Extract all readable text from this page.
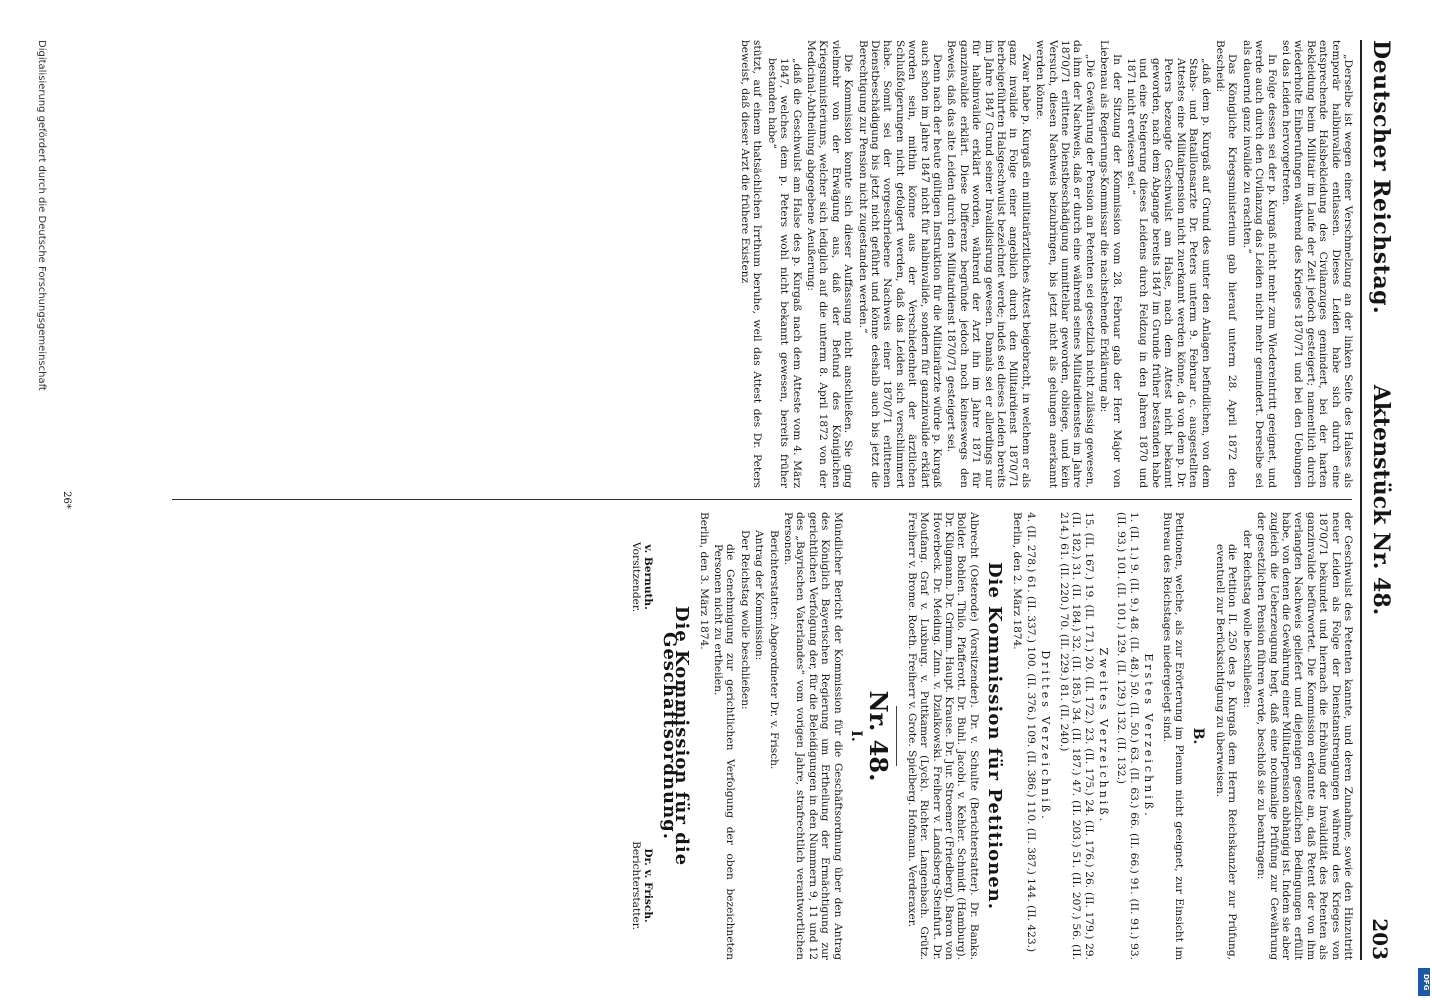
Deutscher Reichstag.
Aktenstück Nr. 48.
203

„Derselbe ist wegen einer Verschmelzung an der linken Seite des Halses als temporär halbinvalide entlassen. Dieses Leiden habe sich durch eine entsprechende Halsbekleidung des Civilanzuges gemindert, bei der harten Bekleidung beim Militair im Laufe der Zeit jedoch gesteigert; namentlich durch wiederholte Einberufungen während des Krieges 1870/71 und bei den Uebungen sei das Leiden hervorgetreten.

In Folge dessen sei der p. Kurgaß nicht mehr zum Wiedereintritt geeignet, und werde auch durch den Civilanzug das Leiden nicht mehr gemindert. Derselbe sei als dauernd ganz invalide zu erachten.“

Das Königliche Kriegsministerium gab hierauf unterm 28. April 1872 den Bescheid:

„daß dem p. Kurgaß auf Grund des unter den Anlagen befindlichen, von dem Stabs- und Bataillonsarzte Dr. Peters unterm 9. Februar c. ausgestellten Attestes eine Militairpension nicht zuerkannt werden könne, da von dem p. Dr. Peters bezeugte Geschwulst am Halse, nach dem Attest nicht bekannt geworden, nach dem Abgange bereits 1847 im Grunde früher bestanden habe und eine Steigerung dieses Leidens durch Feldzug in den Jahren 1870 und 1871 nicht erwiesen sei.“

In der Sitzung der Kommission vom 28. Februar gab der Herr Major von Liebenau als Regierungs-Kommissar die nachstehende Erklärung ab:

„Die Gewährung der Pension an Petenten sei gesetzlich nicht zulässig gewesen, da ihm der Nachweis, daß er durch eine während seines Militairdienstes im Jahre 1870/71 erlittene Dienstbeschädigung unmittelbar geworden, obliege, und kein Versuch, diesen Nachweis beizubringen, bis jetzt nicht als gelungen anerkannt werden könne.

Zwar habe p. Kurgaß ein militairärztliches Attest beigebracht, in welchem er als ganz invalide in Folge einer angeblich durch den Militairdienst 1870/71 herbeigeführten Halsgeschwulst bezeichnet werde; indeß sei dieses Leiden bereits im Jahre 1847 Grund seiner Invalidisirung gewesen. Damals sei er allerdings nur für halbinvalide erklärt worden, während der Arzt ihn im Jahre 1871 für ganzinvalide erklärt. Diese Differenz begründe jedoch noch keineswegs den Beweis, daß das alte Leiden durch den Militairdienst 1870/71 gesteigert sei.

Denn nach der heute gültigen Instruktion für die Militairärzte würde p. Kurgaß auch schon im Jahre 1847 nicht für halbinvalide, sondern für ganzinvalide erklärt worden sein, mithin könne aus der Verschiedenheit der ärztlichen Schlußfolgerungen nicht gefolgert werden, daß das Leiden sich verschlimmert habe. Somit sei der vorgeschriebene Nachweis einer 1870/71 erlittenen Dienstbeschädigung bis jetzt nicht geführt und könne deshalb auch bis jetzt die Berechtigung zur Pension nicht zugestanden werden.“

Die Kommission konnte sich dieser Auffassung nicht anschließen. Sie ging vielmehr von der Erwägung aus, daß der Befund des Königlichen Kriegsministeriums, welcher sich lediglich auf die unterm 8. April 1872 von der Medicinal-Abtheilung abgegebene Aeußerung:

„daß die Geschwulst am Halse des p. Kurgaß nach dem Atteste vom 4. März 1847, welches dem p. Peters wohl nicht bekannt gewesen, bereits früher bestanden habe“

stützt, auf einem thatsächlichen Irrthum beruhe, weil das Attest des Dr. Peters beweist, daß dieser Arzt die frühere Existenz

der Geschwulst des Petenten kannte, und deren Zunahme, sowie den Hinzutritt neuer Leiden als Folge der Dienstanstrengungen während des Krieges von 1870/71 bekundet und hiernach die Erhöhung der Invalidität des Petenten als ganzinvalide befürwortet. Die Kommission erkannte an, daß Petent der von ihm verlangten Nachweis geliefert und diejenigen gesetzlichen Bedingungen erfüllt habe, von denen die Gewährung einer Militairpension abhängig ist. Indem sie aber zugleich die Ueberzeugung hegt, daß eine nochmalige Prüfung zur Gewährung der gesetzlichen Pension führen werde, beschloß sie zu beantragen:

der Reichstag wolle beschließen:

die Petition II. 250 des p. Kurgaß dem Herrn Reichskanzler zur Prüfung, eventuell zur Berücksichtigung zu überweisen.

B.

Petitionen, welche, als zur Erörterung im Plenum nicht geeignet, zur Einsicht im Bureau des Reichstages niedergelegt sind.

Erstes Verzeichniß.

1. (II. 1.) 9. (II. 9.) 48. (II. 48.) 50. (II. 50.) 63. (II. 63.) 66. (II. 66.) 91. (II. 91.) 93. (II. 93.) 101. (II. 101.) 129. (II. 129.) 132. (II. 132.)

Zweites Verzeichniß.

15. (II. 167.) 19. (II. 171.) 20. (II. 172.) 23. (II. 175.) 24. (II. 176.) 26. (II. 179.) 29. (II. 182.) 31. (II. 184.) 32. (II. 185.) 34. (II. 187.) 47. (II. 203.) 51. (II. 207.) 56. (II. 214.) 61. (II. 220.) 70. (II. 229.) 81. (II. 240.)

Drittes Verzeichniß.

4. (II. 278.) 61. (II. 337.) 100. (II. 376.) 109. (II. 386.) 110. (II. 387.) 144. (II. 423.)

Berlin, den 2. März 1874.

Die Kommission für Petitionen.

Albrecht (Osterode) (Vorsitzender). Dr. v. Schulte (Berichterstatter). Dr. Banks. Bolder. Bohlen. Thilo. Pfafferott. Dr. Buhl. Jacobi. v. Kehler. Schmidt (Hamburg). Dr. Klügmann. Dr. Grimm. Haupt. Krause. Dr. Jur. Stroemer (Friedberg). Baron von Hoverbeck. Dr. Meiding. Zinn. v. Dzialkowski. Freiherr v. Landsberg-Steinfurt. Dr. Moufang. Graf v. Luxburg. v. Puttkamer (Lyck). Richter. Langenbach. Grütz. Freiherr v. Brome. Roeth. Freiherr v. Grote. Spielberg. Hofmann. Verderaxer.

Nr. 48.
I.

Mündlicher Bericht der Kommission für die Geschäftsordnung über den Antrag des Königlich Bayerischen Regierung um Ertheilung der Ermächtigung zur gerichtlichen Verfolgung der, für die Beleidigungen in den Nummern 9, 11 und 12 des „Bayrischen Vaterlandes“ vom vorigen Jahre, strafrechtlich verantwortlichen Personen.

Berichterstatter: Abgeordneter Dr. v. Frisch.

Antrag der Kommission:

Der Reichstag wolle beschließen:

die Genehmigung zur gerichtlichen Verfolgung der oben bezeichneten Personen nicht zu ertheilen.

Berlin, den 3. März 1874.

Die Kommission für die Geschäftsordnung.
v. Bernuth.
Vorsitzender.
Dr. v. Frisch.
Berichterstatter.
26*
Digitalisierung gefördert durch die Deutsche Forschungsgemeinschaft
DFG
